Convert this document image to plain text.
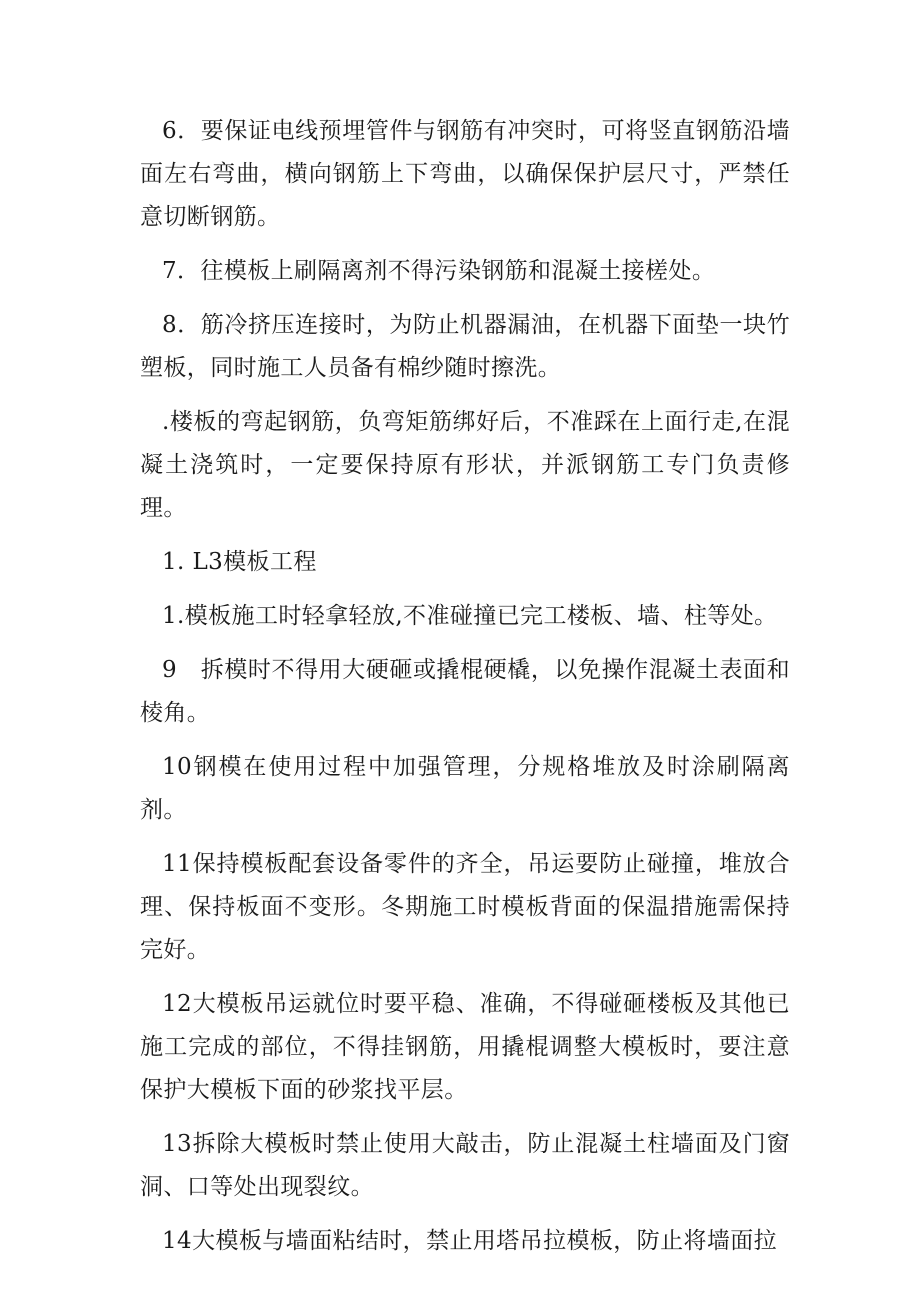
6．要保证电线预埋管件与钢筋有冲突时，可将竖直钢筋沿墙面左右弯曲，横向钢筋上下弯曲，以确保保护层尺寸，严禁任意切断钢筋。

7．往模板上刷隔离剂不得污染钢筋和混凝土接槎处。

8．筋冷挤压连接时，为防止机器漏油，在机器下面垫一块竹塑板，同时施工人员备有棉纱随时擦洗。

.楼板的弯起钢筋，负弯矩筋绑好后，不准踩在上面行走,在混凝土浇筑时，一定要保持原有形状，并派钢筋工专门负责修理。

1. L3模板工程

1.模板施工时轻拿轻放,不准碰撞已完工楼板、墙、柱等处。

9　拆模时不得用大硬砸或撬棍硬橇，以免操作混凝土表面和棱角。

10钢模在使用过程中加强管理，分规格堆放及时涂刷隔离剂。

11保持模板配套设备零件的齐全，吊运要防止碰撞，堆放合理、保持板面不变形。冬期施工时模板背面的保温措施需保持完好。

12大模板吊运就位时要平稳、准确，不得碰砸楼板及其他已施工完成的部位，不得挂钢筋，用撬棍调整大模板时，要注意保护大模板下面的砂浆找平层。

13拆除大模板时禁止使用大敲击，防止混凝土柱墙面及门窗洞、口等处出现裂纹。

14大模板与墙面粘结时，禁止用塔吊拉模板，防止将墙面拉
